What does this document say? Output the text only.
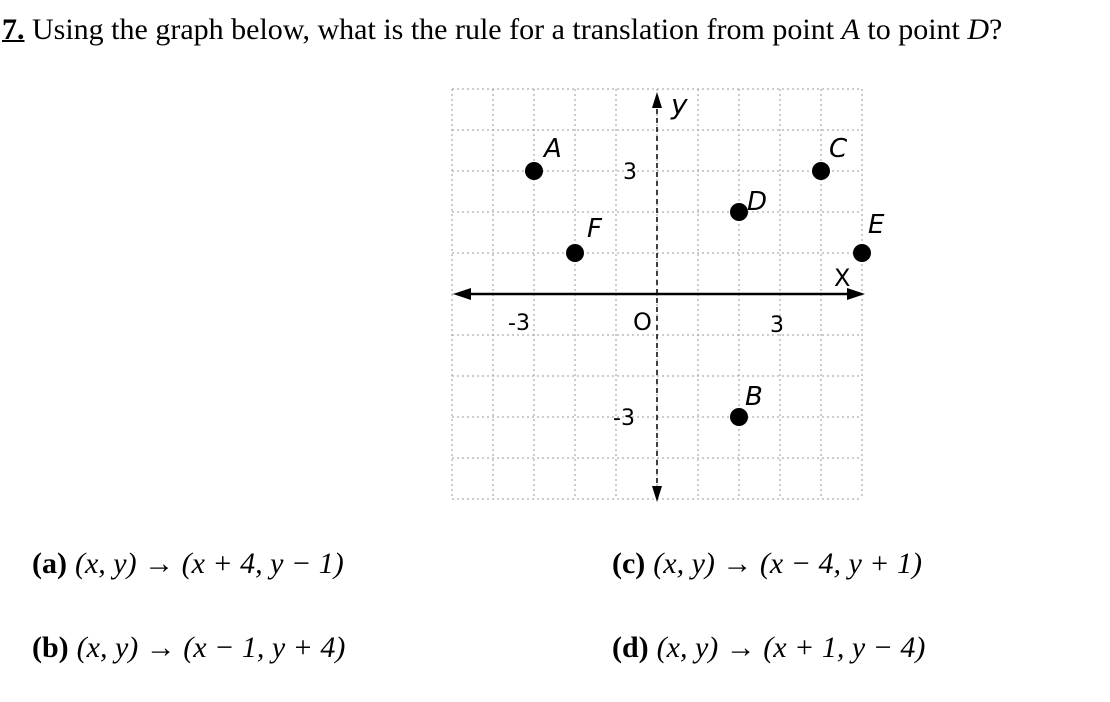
7. Using the graph below, what is the rule for a translation from point A to point D?
y
X
O
-3	3
3
-3
A
B
C
D
E
F
(a) (x, y) → (x + 4, y − 1)
(b) (x, y) → (x − 1, y + 4)
(c) (x, y) → (x − 4, y + 1)
(d) (x, y) → (x + 1, y − 4)
